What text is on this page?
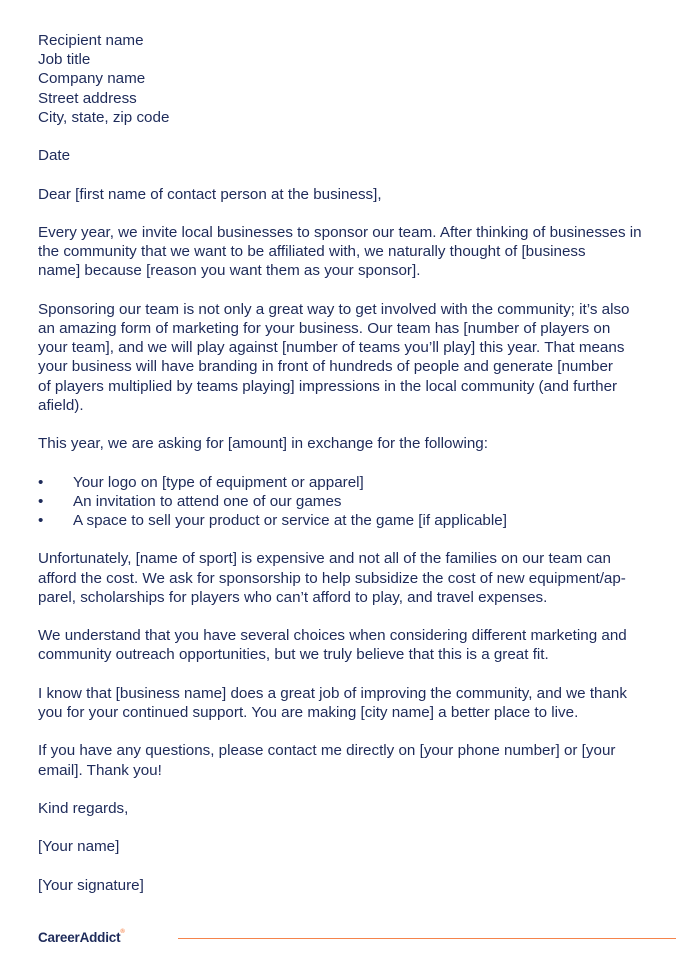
Recipient name
Job title
Company name
Street address
City, state, zip code

Date

Dear [first name of contact person at the business],

Every year, we invite local businesses to sponsor our team. After thinking of businesses in
the community that we want to be affiliated with, we naturally thought of [business
name] because [reason you want them as your sponsor].

Sponsoring our team is not only a great way to get involved with the community; it’s also
an amazing form of marketing for your business. Our team has [number of players on
your team], and we will play against [number of teams you’ll play] this year. That means
your business will have branding in front of hundreds of people and generate [number
of players multiplied by teams playing] impressions in the local community (and further
afield).

This year, we are asking for [amount] in exchange for the following:

• Your logo on [type of equipment or apparel]
• An invitation to attend one of our games
• A space to sell your product or service at the game [if applicable]

Unfortunately, [name of sport] is expensive and not all of the families on our team can
afford the cost. We ask for sponsorship to help subsidize the cost of new equipment/ap-
parel, scholarships for players who can’t afford to play, and travel expenses.

We understand that you have several choices when considering different marketing and
community outreach opportunities, but we truly believe that this is a great fit.

I know that [business name] does a great job of improving the community, and we thank
you for your continued support. You are making [city name] a better place to live.

If you have any questions, please contact me directly on [your phone number] or [your
email]. Thank you!

Kind regards,

[Your name]

[Your signature]

CareerAddict®
